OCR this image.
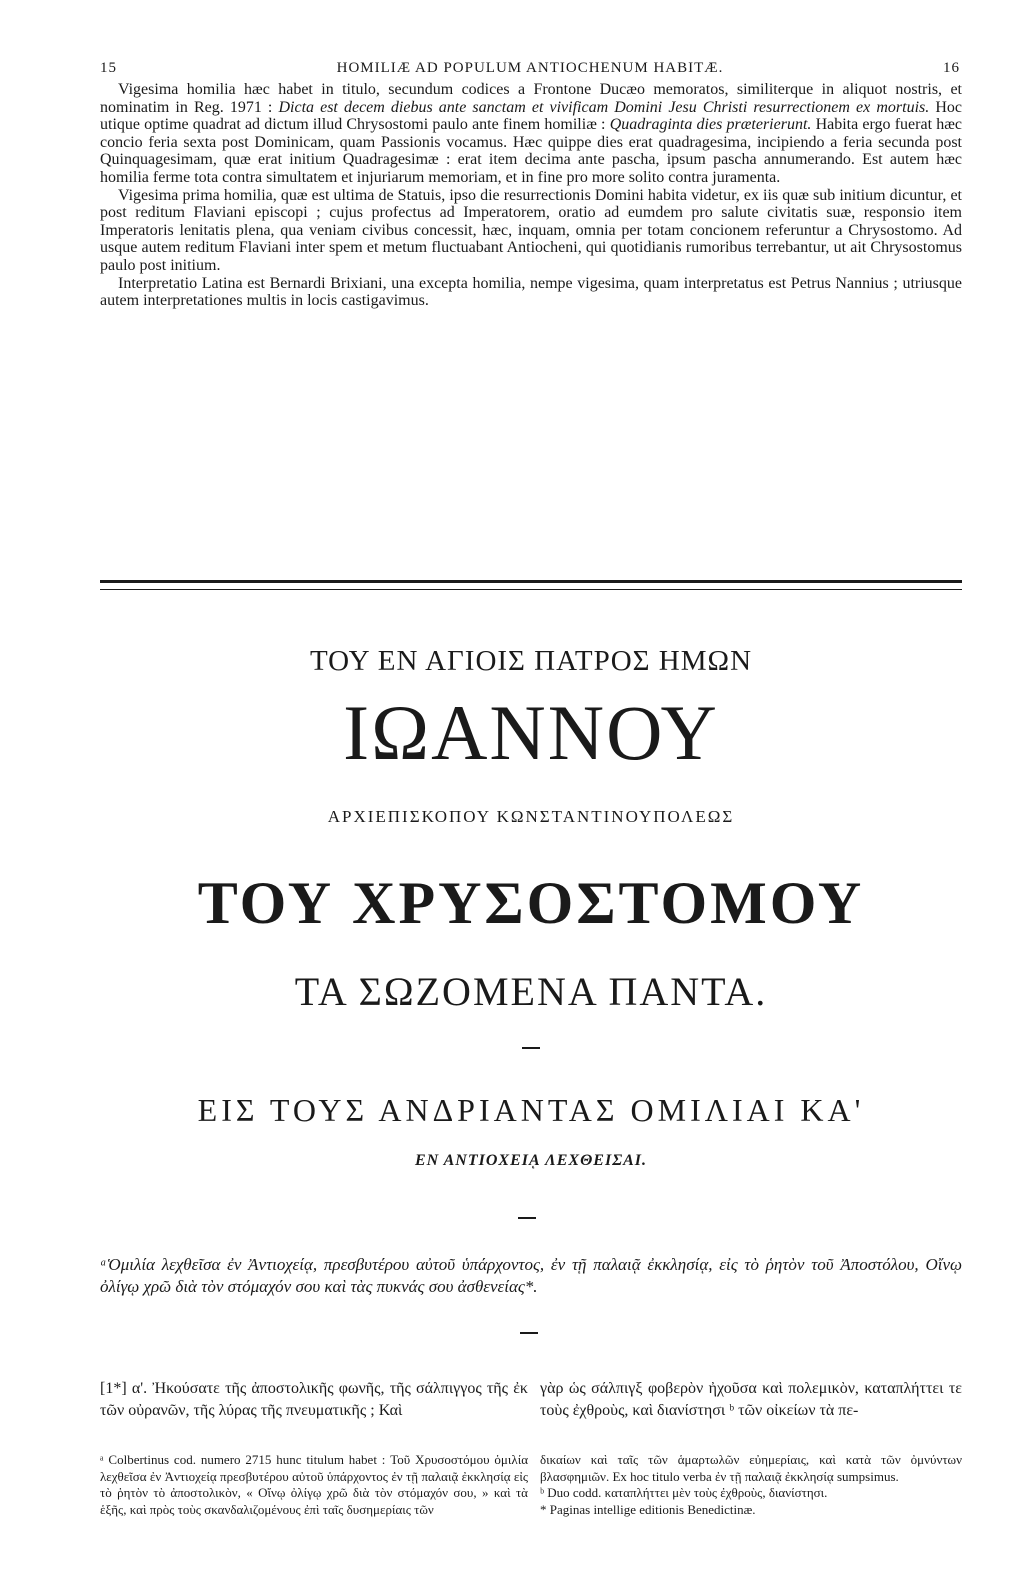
15	HOMILIÆ AD POPULUM ANTIOCHENUM HABITÆ.	16

Vigesima homilia hæc habet in titulo, secundum codices a Frontone Ducæo memoratos, similiterque in aliquot nostris, et nominatim in Reg. 1971 : Dicta est decem diebus ante sanctam et vivificam Domini Jesu Christi resurrectionem ex mortuis. Hoc utique optime quadrat ad dictum illud Chrysostomi paulo ante finem homiliæ : Quadraginta dies præterierunt. Habita ergo fuerat hæc concio feria sexta post Dominicam, quam Passionis vocamus. Hæc quippe dies erat quadragesima, incipiendo a feria secunda post Quinquagesimam, quæ erat initium Quadragesimæ : erat item decima ante pascha, ipsum pascha annumerando. Est autem hæc homilia ferme tota contra simultatem et injuriarum memoriam, et in fine pro more solito contra juramenta.

Vigesima prima homilia, quæ est ultima de Statuis, ipso die resurrectionis Domini habita videtur, ex iis quæ sub initium dicuntur, et post reditum Flaviani episcopi ; cujus profectus ad Imperatorem, oratio ad eumdem pro salute civitatis suæ, responsio item Imperatoris lenitatis plena, qua veniam civibus concessit, hæc, inquam, omnia per totam concionem referuntur a Chrysostomo. Ad usque autem reditum Flaviani inter spem et metum fluctuabant Antiocheni, qui quotidianis rumoribus terrebantur, ut ait Chrysostomus paulo post initium.

Interpretatio Latina est Bernardi Brixiani, una excepta homilia, nempe vigesima, quam interpretatus est Petrus Nannius ; utriusque autem interpretationes multis in locis castigavimus.

ΤΟΥ ΕΝ ΑΓΙΟΙΣ ΠΑΤΡΟΣ ΗΜΩΝ
ΙΩΑΝΝΟΥ
ΑΡΧΙΕΠΙΣΚΟΠΟΥ ΚΩΝΣΤΑΝΤΙΝΟΥΠΟΛΕΩΣ
ΤΟΥ ΧΡΥΣΟΣΤΟΜΟΥ
ΤΑ ΣΩΖΟΜΕΝΑ ΠΑΝΤΑ.
ΕΙΣ ΤΟΥΣ ΑΝΔΡΙΑΝΤΑΣ ΟΜΙΛΙΑΙ ΚΑ'
ΕΝ ΑΝΤΙΟΧΕΙᾼ ΛΕΧΘΕΙΣΑΙ.
ᵃὉμιλία λεχθεῖσα ἐν Ἀντιοχείᾳ, πρεσβυτέρου αὐτοῦ ὑπάρχοντος, ἐν τῇ παλαιᾷ ἐκκλησίᾳ, εἰς τὸ ῥητὸν τοῦ Ἀποστόλου, Οἴνῳ ὀλίγῳ χρῶ διὰ τὸν στόμαχόν σου καὶ τὰς πυκνάς σου ἀσθενείας*.
[1*] α'. Ἠκούσατε τῆς ἀποστολικῆς φωνῆς, τῆς σάλπιγγος τῆς ἐκ τῶν οὐρανῶν, τῆς λύρας τῆς πνευματικῆς ; Καὶ
γὰρ ὡς σάλπιγξ φοβερὸν ἠχοῦσα καὶ πολεμικὸν, καταπλήττει τε τοὺς ἐχθροὺς, καὶ διανίστησι ᵇ τῶν οἰκείων τὰ πε-
ᵃ Colbertinus cod. numero 2715 hunc titulum habet : Τοῦ Χρυσοστόμου ὁμιλία λεχθεῖσα ἐν Ἀντιοχείᾳ πρεσβυτέρου αὐτοῦ ὑπάρχοντος ἐν τῇ παλαιᾷ ἐκκλησίᾳ εἰς τὸ ῥητὸν τὸ ἀποστολικὸν, « Οἴνῳ ὀλίγῳ χρῶ διὰ τὸν στόμαχόν σου, » καὶ τὰ ἑξῆς, καὶ πρὸς τοὺς σκανδαλιζομένους ἐπὶ ταῖς δυσημερίαις τῶν
δικαίων καὶ ταῖς τῶν ἁμαρτωλῶν εὐημερίαις, καὶ κατὰ τῶν ὀμνύντων βλασφημιῶν. Ex hoc titulo verba ἐν τῇ παλαιᾷ ἐκκλησίᾳ sumpsimus.
ᵇ Duo codd. καταπλήττει μὲν τοὺς ἐχθροὺς, διανίστησι.
* Paginas intellige editionis Benedictinæ.
